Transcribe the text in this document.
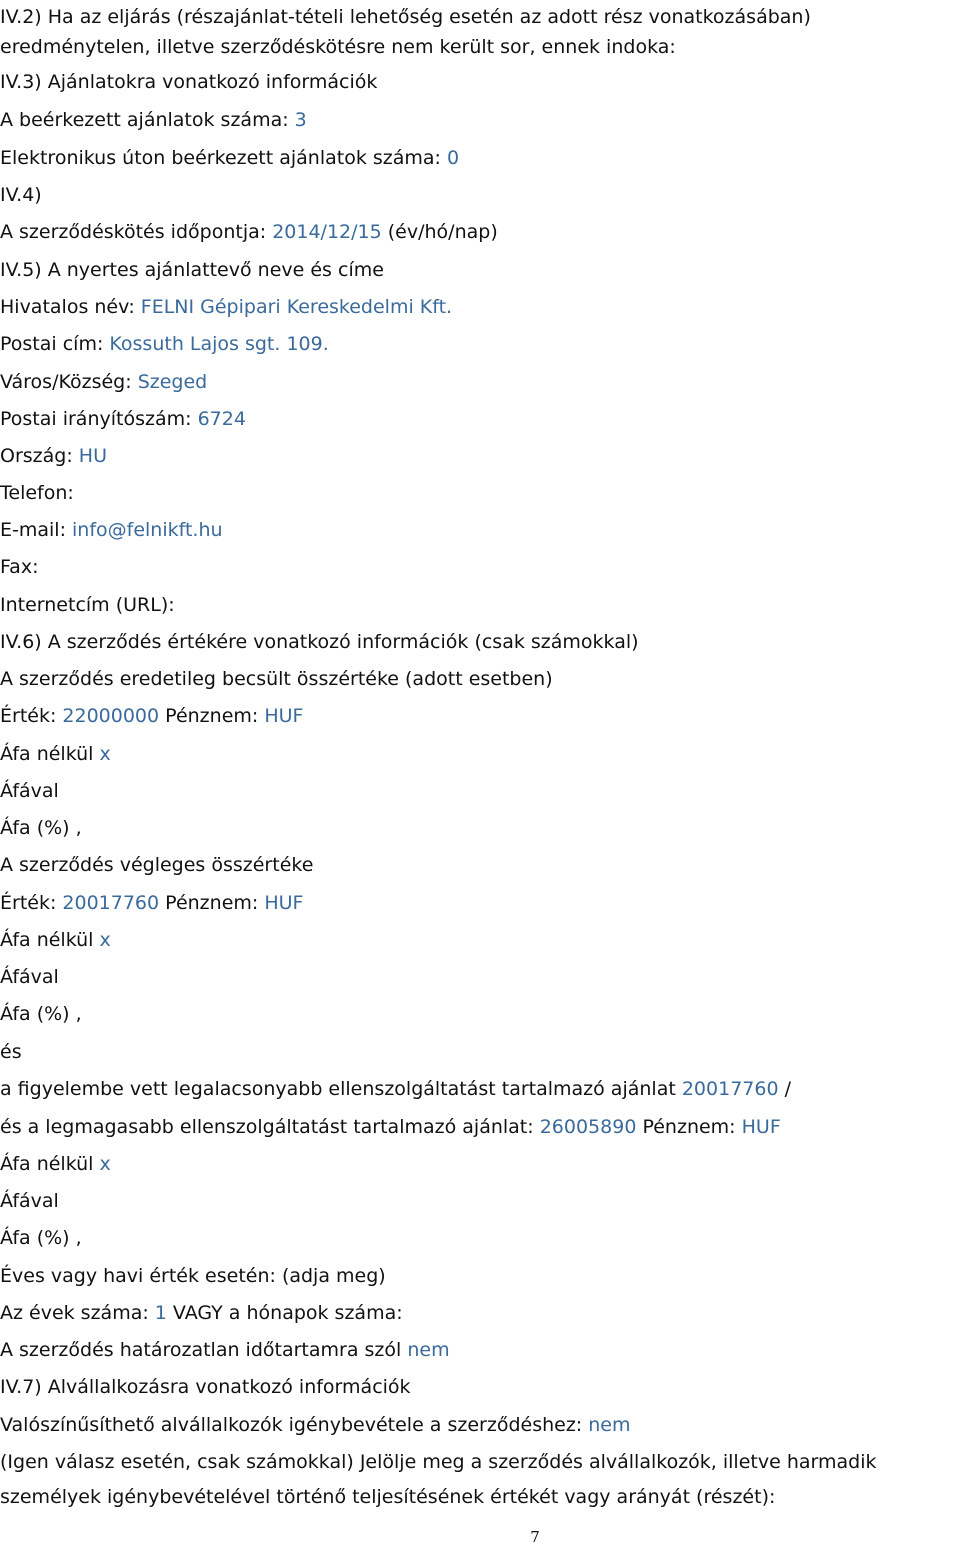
IV.2) Ha az eljárás (részajánlat-tételi lehetőség esetén az adott rész vonatkozásában)
eredménytelen, illetve szerződéskötésre nem került sor, ennek indoka:
IV.3) Ajánlatokra vonatkozó információk
A beérkezett ajánlatok száma: 3
Elektronikus úton beérkezett ajánlatok száma: 0
IV.4)
A szerződéskötés időpontja: 2014/12/15 (év/hó/nap)
IV.5) A nyertes ajánlattevő neve és címe
Hivatalos név: FELNI Gépipari Kereskedelmi Kft.
Postai cím: Kossuth Lajos sgt. 109.
Város/Község: Szeged
Postai irányítószám: 6724
Ország: HU
Telefon:
E-mail: info@felnikft.hu
Fax:
Internetcím (URL):
IV.6) A szerződés értékére vonatkozó információk (csak számokkal)
A szerződés eredetileg becsült összértéke (adott esetben)
Érték: 22000000 Pénznem: HUF
Áfa nélkül x
Áfával
Áfa (%) ,
A szerződés végleges összértéke
Érték: 20017760 Pénznem: HUF
Áfa nélkül x
Áfával
Áfa (%) ,
és
a figyelembe vett legalacsonyabb ellenszolgáltatást tartalmazó ajánlat 20017760 /
és a legmagasabb ellenszolgáltatást tartalmazó ajánlat: 26005890 Pénznem: HUF
Áfa nélkül x
Áfával
Áfa (%) ,
Éves vagy havi érték esetén: (adja meg)
Az évek száma: 1 VAGY a hónapok száma:
A szerződés határozatlan időtartamra szól nem
IV.7) Alvállalkozásra vonatkozó információk
Valószínűsíthető alvállalkozók igénybevétele a szerződéshez: nem
(Igen válasz esetén, csak számokkal) Jelölje meg a szerződés alvállalkozók, illetve harmadik
személyek igénybevételével történő teljesítésének értékét vagy arányát (részét):
7
